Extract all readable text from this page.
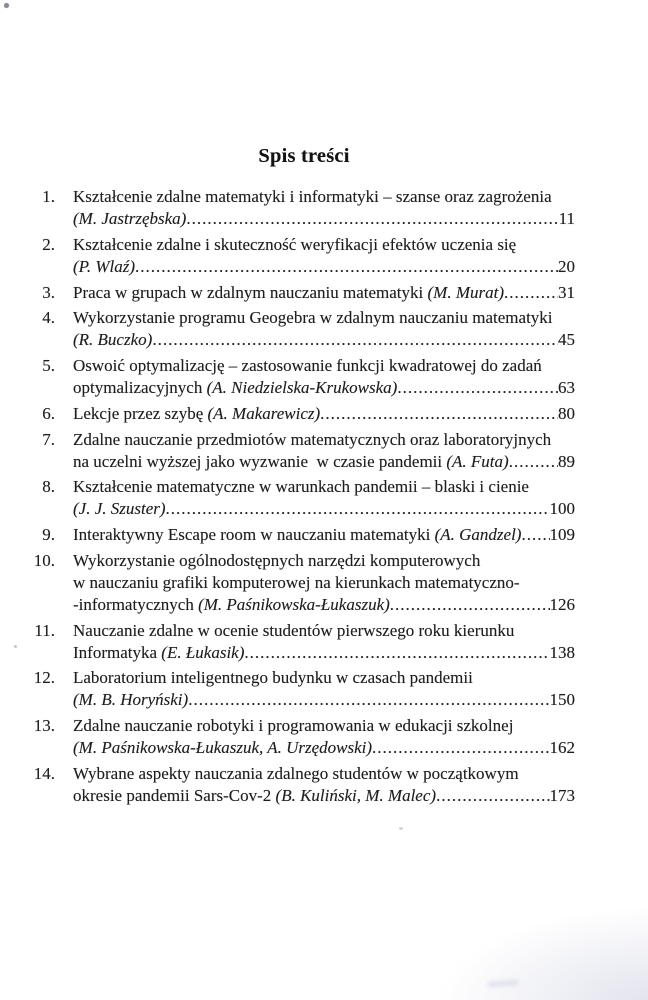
Spis treści
1. Kształcenie zdalne matematyki i informatyki – szanse oraz zagrożenia
(M. Jastrzębska) .....	11
2. Kształcenie zdalne i skuteczność weryfikacji efektów uczenia się
(P. Wlaź) .....	20
3. Praca w grupach w zdalnym nauczaniu matematyki (M. Murat) .....	31
4. Wykorzystanie programu Geogebra w zdalnym nauczaniu matematyki
(R. Buczko) .....	45
5. Oswoić optymalizację – zastosowanie funkcji kwadratowej do zadań
optymalizacyjnych (A. Niedzielska-Krukowska) .....	63
6. Lekcje przez szybę (A. Makarewicz) .....	80
7. Zdalne nauczanie przedmiotów matematycznych oraz laboratoryjnych
na uczelni wyższej jako wyzwanie  w czasie pandemii (A. Futa) .....	89
8. Kształcenie matematyczne w warunkach pandemii – blaski i cienie
(J. J. Szuster) .....	100
9. Interaktywny Escape room w nauczaniu matematyki (A. Gandzel) ..... 109
10. Wykorzystanie ogólnodostępnych narzędzi komputerowych
w nauczaniu grafiki komputerowej na kierunkach matematyczno-
-informatycznych (M. Paśnikowska-Łukaszuk) .....	126
11. Nauczanie zdalne w ocenie studentów pierwszego roku kierunku
Informatyka (E. Łukasik) .....	138
12. Laboratorium inteligentnego budynku w czasach pandemii
(M. B. Horyński) .....	150
13. Zdalne nauczanie robotyki i programowania w edukacji szkolnej
(M. Paśnikowska-Łukaszuk, A. Urzędowski) .....	162
14. Wybrane aspekty nauczania zdalnego studentów w początkowym
okresie pandemii Sars-Cov-2 (B. Kuliński, M. Malec) .....	173
